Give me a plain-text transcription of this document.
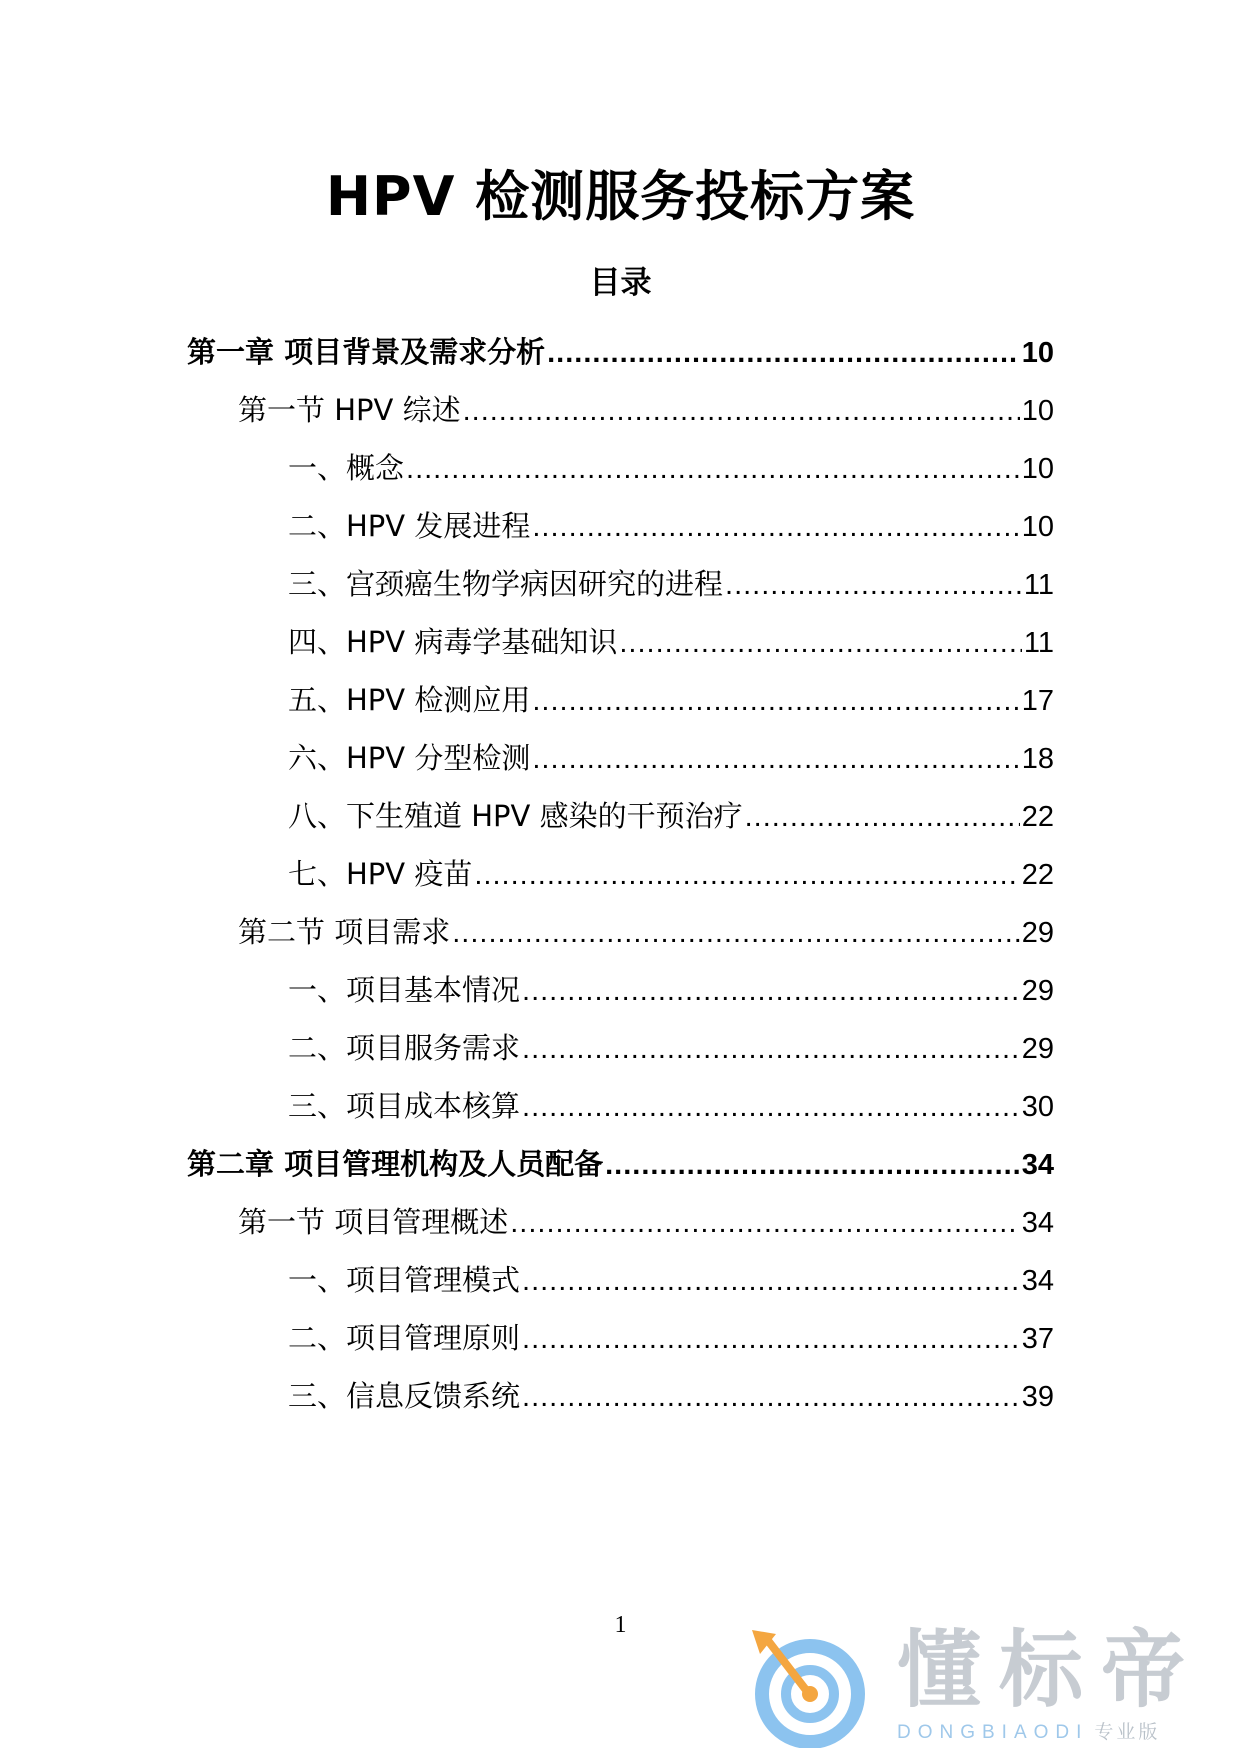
HPV 检测服务投标方案
目录
第一章 项目背景及需求分析 .....	10
第一节 HPV 综述 .....	10
一、概念 .....	10
二、HPV 发展进程 .....	10
三、宫颈癌生物学病因研究的进程 .....	11
四、HPV 病毒学基础知识 .....	11
五、HPV 检测应用 .....	17
六、HPV 分型检测 .....	18
八、下生殖道 HPV 感染的干预治疗 .....	22
七、HPV 疫苗 .....	22
第二节 项目需求 .....	29
一、项目基本情况 .....	29
二、项目服务需求 .....	29
三、项目成本核算 .....	30
第二章 项目管理机构及人员配备 .....	34
第一节 项目管理概述 .....	34
一、项目管理模式 .....	34
二、项目管理原则 .....	37
三、信息反馈系统 .....	39
1	懂标帝
DONGBIAODI 专业版
